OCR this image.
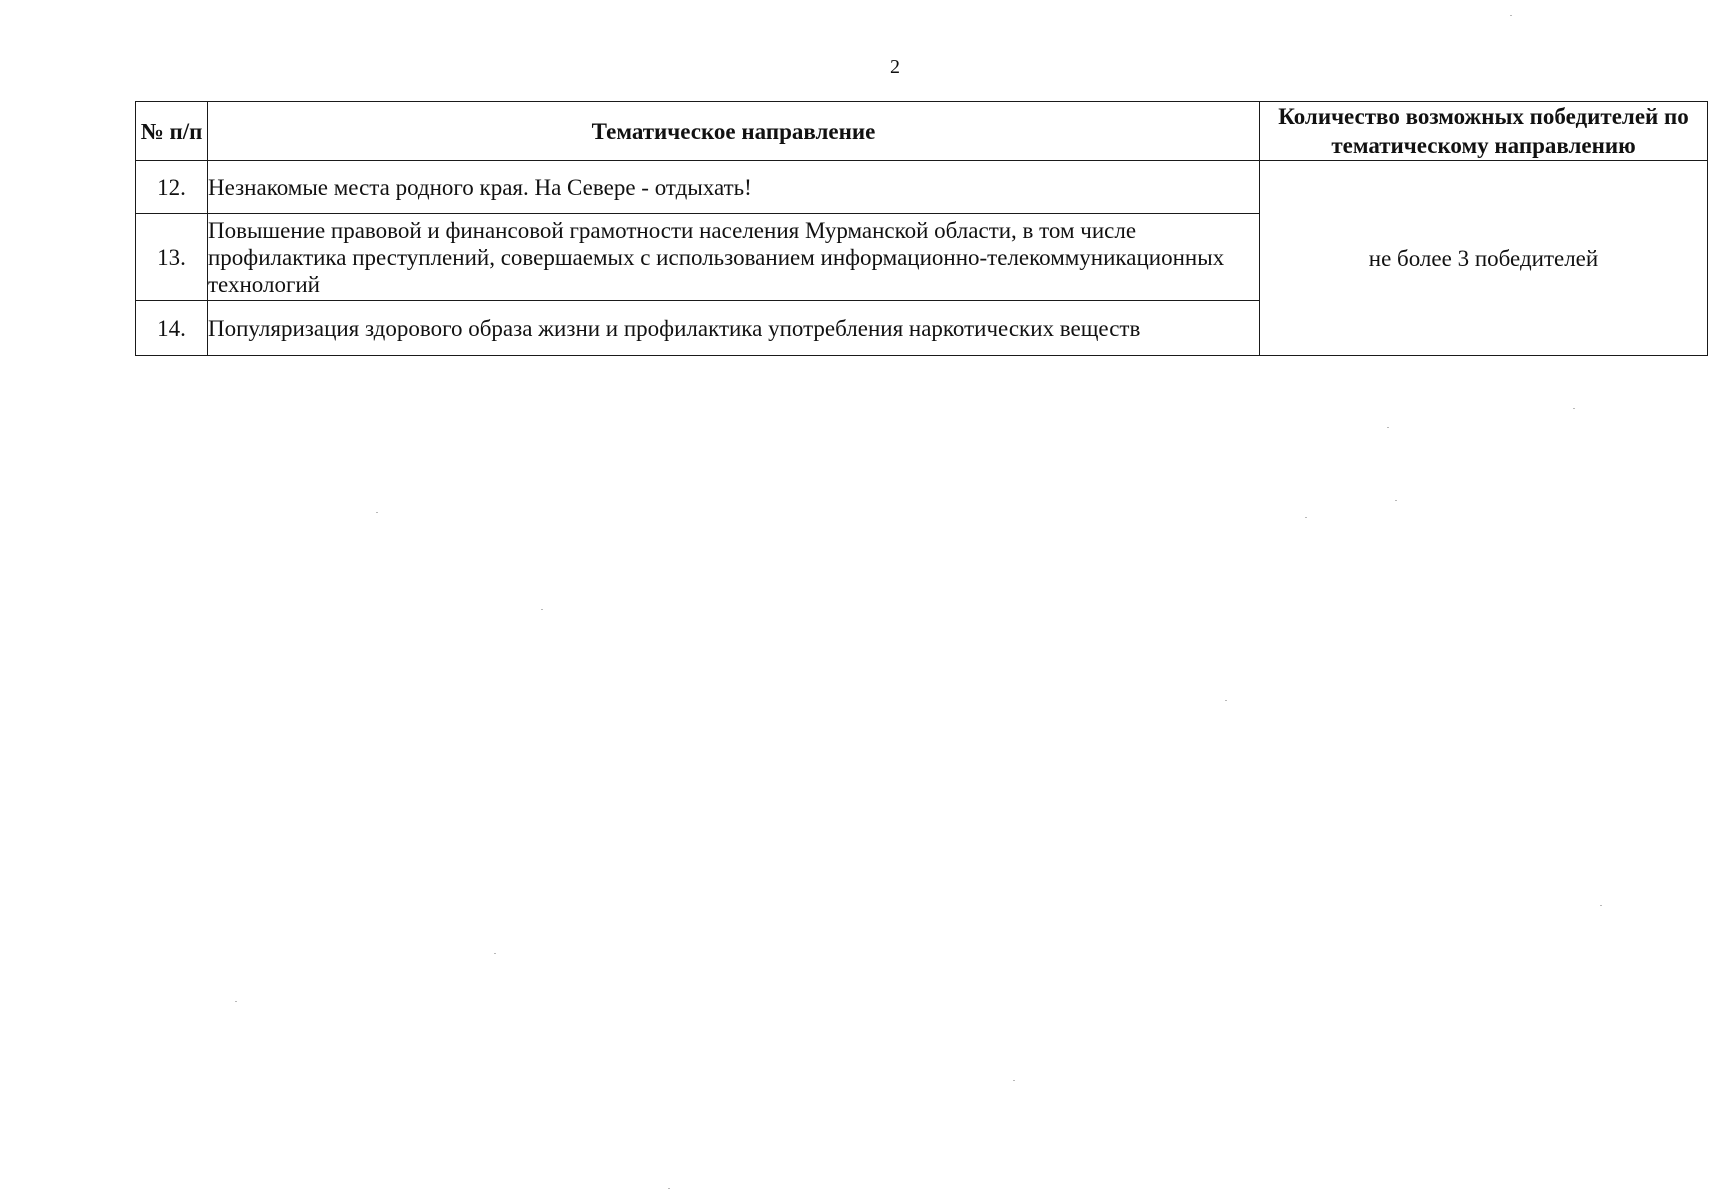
2
№ п/п	Тематическое направление	Количество возможных победителей по тематическому направлению
12.	Незнакомые места родного края. На Севере - отдыхать!	не более 3 победителей
13.	Повышение правовой и финансовой грамотности населения Мурманской области, в том числе профилактика преступлений, совершаемых с использованием информационно-телекоммуникационных технологий	
14.	Популяризация здорового образа жизни и профилактика употребления наркотических веществ	
